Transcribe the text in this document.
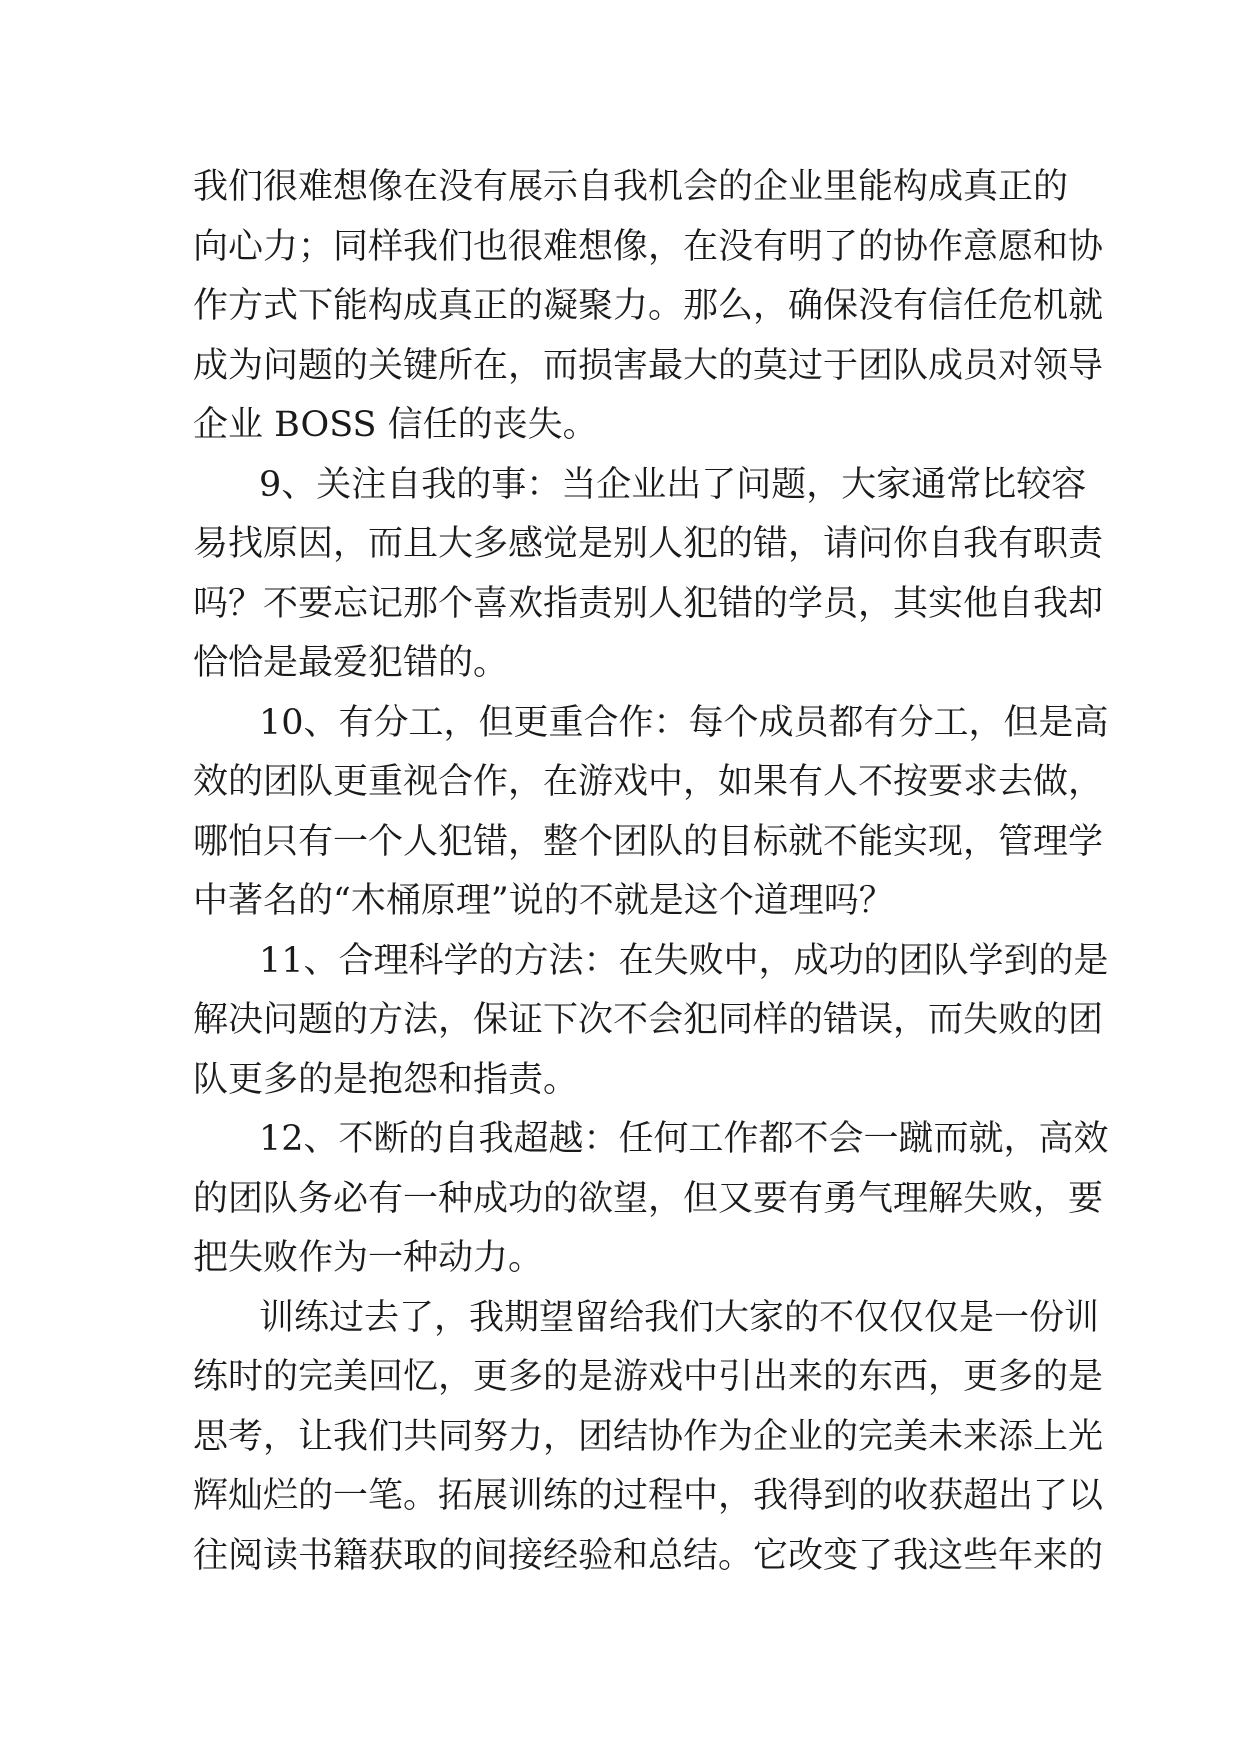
我们很难想像在没有展示自我机会的企业里能构成真正的
向心力；同样我们也很难想像，在没有明了的协作意愿和协
作方式下能构成真正的凝聚力。那么，确保没有信任危机就
成为问题的关键所在，而损害最大的莫过于团队成员对领导
企业 BOSS 信任的丧失。
9、关注自我的事：当企业出了问题，大家通常比较容
易找原因，而且大多感觉是别人犯的错，请问你自我有职责
吗？不要忘记那个喜欢指责别人犯错的学员，其实他自我却
恰恰是最爱犯错的。
10、有分工，但更重合作：每个成员都有分工，但是高
效的团队更重视合作，在游戏中，如果有人不按要求去做，
哪怕只有一个人犯错，整个团队的目标就不能实现，管理学
中著名的“木桶原理”说的不就是这个道理吗？
11、合理科学的方法：在失败中，成功的团队学到的是
解决问题的方法，保证下次不会犯同样的错误，而失败的团
队更多的是抱怨和指责。
12、不断的自我超越：任何工作都不会一蹴而就，高效
的团队务必有一种成功的欲望，但又要有勇气理解失败，要
把失败作为一种动力。
训练过去了，我期望留给我们大家的不仅仅仅是一份训
练时的完美回忆，更多的是游戏中引出来的东西，更多的是
思考，让我们共同努力，团结协作为企业的完美未来添上光
辉灿烂的一笔。拓展训练的过程中，我得到的收获超出了以
往阅读书籍获取的间接经验和总结。它改变了我这些年来的
